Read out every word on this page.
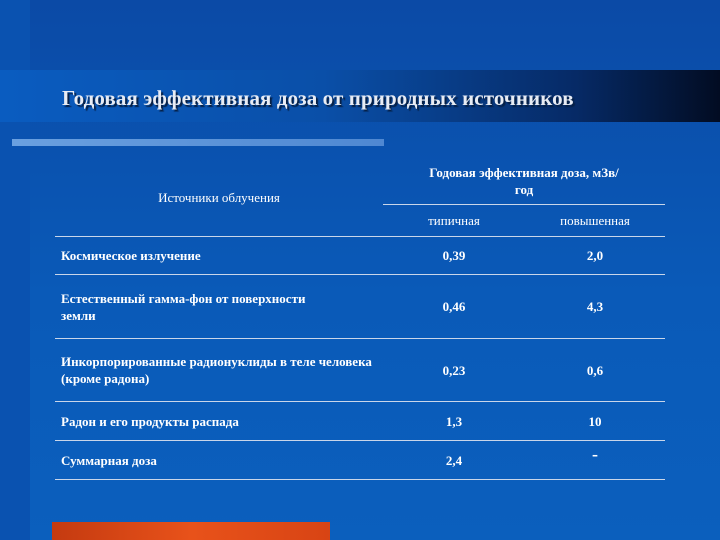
Годовая эффективная доза от природных источников
Источники облучения	Годовая эффективная доза, мЗв/год	
	типичная	повышенная
Космическое излучение	0,39	2,0
Естественный гамма-фон от поверхности земли	0,46	4,3
Инкорпорированные радионуклиды в теле человека (кроме радона)	0,23	0,6
Радон и его продукты распада	1,3	10
Суммарная доза	2,4	-
